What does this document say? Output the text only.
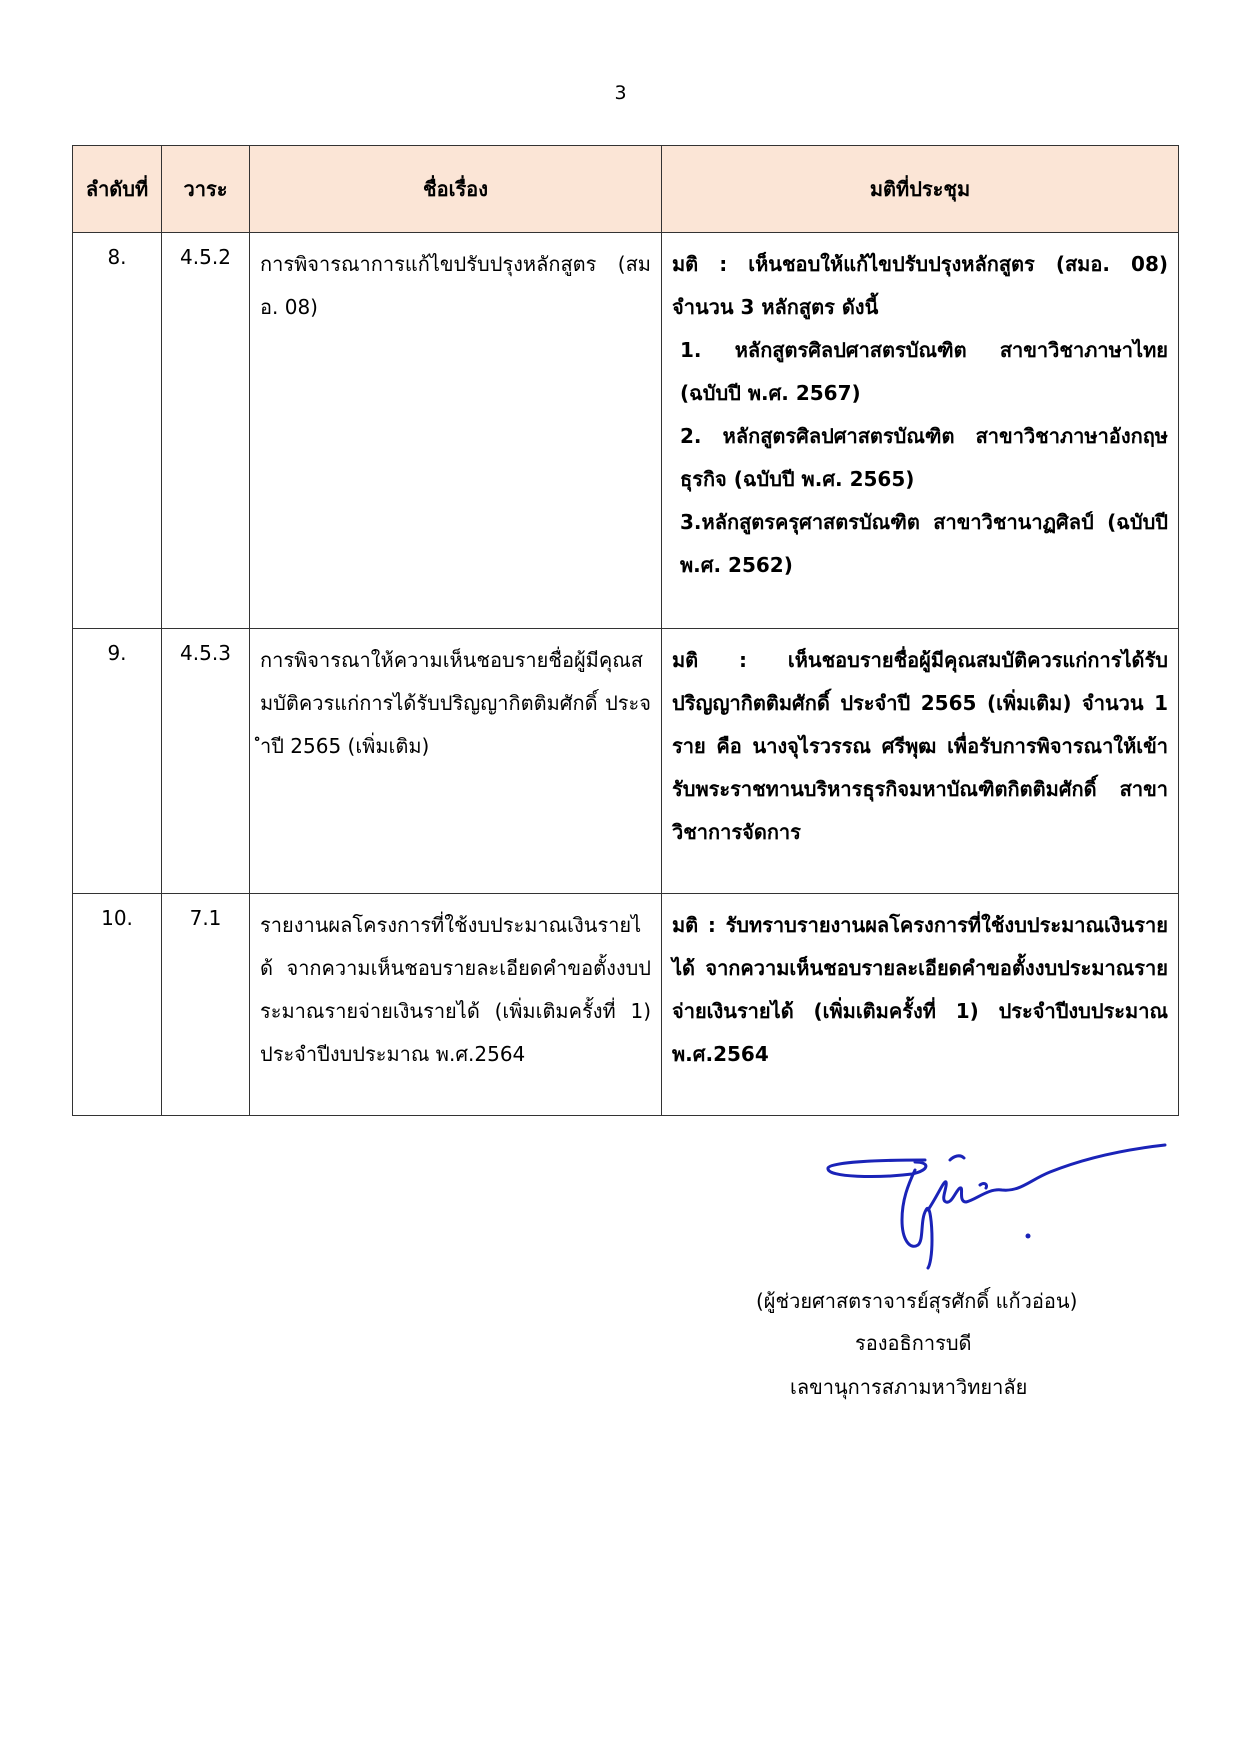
3
ลำดับที่	วาระ	ชื่อเรื่อง	มติที่ประชุม
8.	4.5.2	การพิจารณาการแก้ไขปรับปรุงหลักสูตร (สมอ. 08)	มติ : เห็นชอบให้แก้ไขปรับปรุงหลักสูตร (สมอ. 08) จำนวน 3 หลักสูตร ดังนี้
1. หลักสูตรศิลปศาสตรบัณฑิต สาขาวิชาภาษาไทย (ฉบับปี พ.ศ. 2567)
2. หลักสูตรศิลปศาสตรบัณฑิต สาขาวิชาภาษาอังกฤษธุรกิจ (ฉบับปี พ.ศ. 2565)
3.หลักสูตรครุศาสตรบัณฑิต สาขาวิชานาฏศิลป์ (ฉบับปี พ.ศ. 2562)

9.	4.5.3	การพิจารณาให้ความเห็นชอบรายชื่อผู้มีคุณสมบัติควรแก่การได้รับปริญญากิตติมศักดิ์ ประจำปี 2565 (เพิ่มเติม)	มติ : เห็นชอบรายชื่อผู้มีคุณสมบัติควรแก่การได้รับปริญญากิตติมศักดิ์ ประจำปี 2565 (เพิ่มเติม) จำนวน 1 ราย คือ นางจุไรวรรณ ศรีพุฒ เพื่อรับการพิจารณาให้เข้ารับพระราชทานบริหารธุรกิจมหาบัณฑิตกิตติมศักดิ์ สาขาวิชาการจัดการ
10.	7.1	รายงานผลโครงการที่ใช้งบประมาณเงินรายได้ จากความเห็นชอบรายละเอียดคำขอตั้งงบประมาณรายจ่ายเงินรายได้ (เพิ่มเติมครั้งที่ 1) ประจำปีงบประมาณ พ.ศ.2564	มติ : รับทราบรายงานผลโครงการที่ใช้งบประมาณเงินรายได้ จากความเห็นชอบรายละเอียดคำขอตั้งงบประมาณรายจ่ายเงินรายได้ (เพิ่มเติมครั้งที่ 1) ประจำปีงบประมาณ พ.ศ.2564
(ผู้ช่วยศาสตราจารย์สุรศักดิ์ แก้วอ่อน)
รองอธิการบดี
เลขานุการสภามหาวิทยาลัย
